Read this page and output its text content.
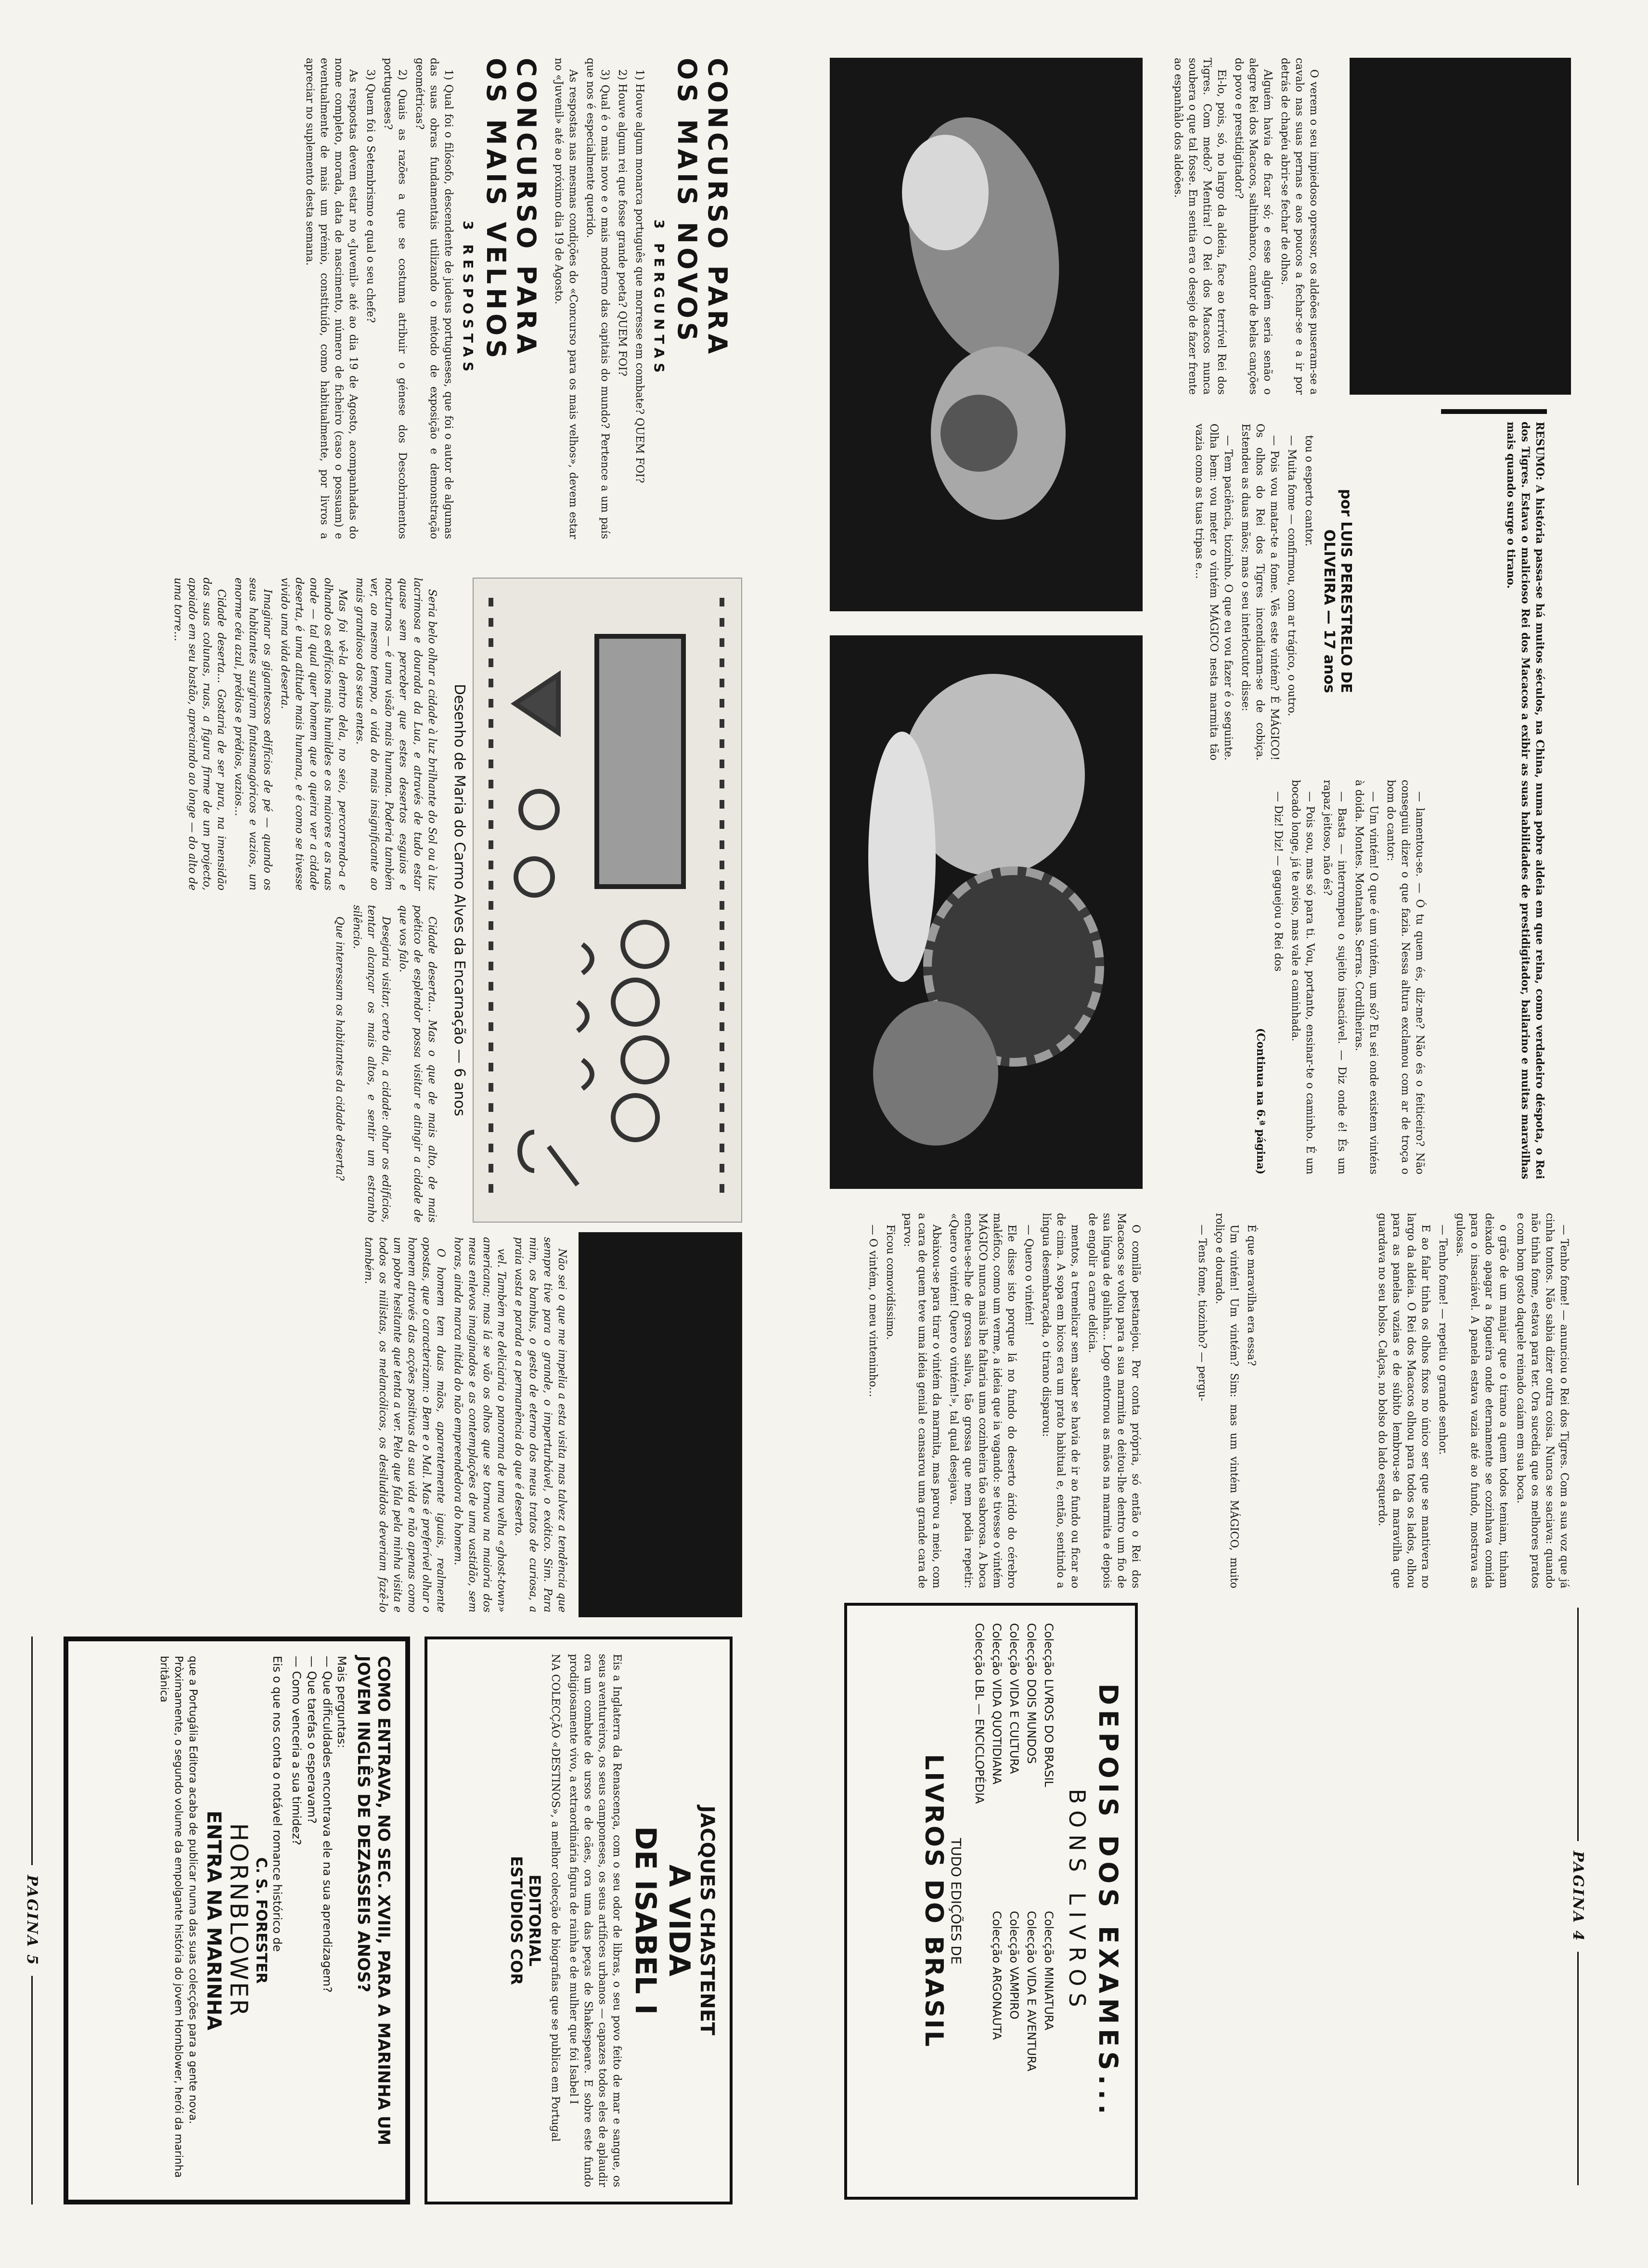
RESUMO: A história passa-se há muitos séculos, na China, numa pobre aldeia em que reina, como verdadeiro déspota, o Rei dos Tigres. Estava o malicioso Rei dos Macacos a exibir as suas habilidades de prestidigitador, bailarino e muitas maravilhas mais quando surge o tirano.
por LUIS PERESTRELO DE OLIVEIRA — 17 anos

O verem o seu impiedoso opressor, os aldeões puseram-se a cavalo nas suas pernas e aos poucos a fechar-se e a ir por detrás de chapéu abrir-se fechar de olhos.

Alguém havia de ficar só; e esse alguém seria senão o alegre Rei dos Macacos, saltimbanco, cantor de belas canções do povo e prestidigitador?

Ei-lo, pois, só, no largo da aldeia, face ao terrível Rei dos Tigres. Com medo? Mentira! O Rei dos Macacos nunca soubera o que tal fosse. Em sentia era o desejo de fazer frente ao espanhâlo dos aldeões.

tou o esperto cantor.

— Muita fome — confirmou, com ar trágico, o outro.

— Pois vou matar-te a fome. Vês este vintém? É MÁGICO! Os olhos do Rei dos Tigres incendiaram-se de cobiça. Estendeu as duas mãos; mas o seu interlocutor disse:

— Tem paciência, tiozinho. O que eu vou fazer é o seguinte. Olha bem: vou meter o vintém MÁGICO nesta marmita tão vazia como as tuas tripas e...

— lamentou-se. — Ó tu quem és, diz-me? Não és o feiticeiro? Não conseguiu dizer o que fazia. Nessa altura exclamou com ar de troça o bom do cantor:

— Um vintém! O que é um vintém, um só? Eu sei onde existem vinténs à doida. Montes. Montanhas. Serras. Cordilheiras.

— Basta — interrompeu o sujeito insaciável. — Diz onde é! És um rapaz jeitoso, não és?

— Pois sou, mas só para ti. Vou, portanto, ensinar-te o caminho. É um bocado longe, já te aviso, mas vale a caminhada.

— Diz! Diz! — gaguejou o Rei dos

(Continua na 6.ª página)

— Tenho fome! — anunciou o Rei dos Tigres. Com a sua voz que já cinha tontos. Não sabia dizer outra coisa. Nunca se saciava: quando não tinha fome, estava para ter. Ora sucedia que os melhores pratos e com bom gosto daquele reinado caíam em sua boca.

o grão de um manjar que o tirano a quem todos temiam, tinham deixado apagar a fogueira onde eternamente se cozinhava comida para o insaciável. A panela estava vazia até ao fundo, mostrava as gulosas.

— Tenho fome! — repetiu o grande senhor.

E ao falar tinha os olhos fixos no único ser que se mantivera no largo da aldeia. O Rei dos Macacos olhou para todos os lados, olhou para as panelas vazias e de súbito lembrou-se da maravilha que guardava no seu bolso. Calças, no bolso do lado esquerdo.

É que maravilha era essa?

Um vintém! Um vintém? Sim: mas um vintém MÁGICO, muito roliço e dourado.

— Tens fome, tiozinho? — pergu-

O comilão pestanejou. Por conta própria, só então o Rei dos Macacos se voltou para a sua marmita e deitou-lhe dentro um fio de sua língua de galinha... Logo entornou as mãos na marmita e depois de engolir a carne delícia.

mentos, a tremelicar sem saber se havia de ir ao fundo ou ficar ao de cima. A sopa em bicos era um prato habitual e, então, sentindo a língua desembaraçada, o tirano disparou:

— Quero o vintém!

Ele disse isto porque lá no fundo do deserto árido do cérebro maléfico, como um verme, a ideia que ia vagando: se tivesse o vintém MÁGICO nunca mais lhe faltaria uma cozinheira tão saborosa. A boca encheu-se-lhe de grossa saliva, tão grossa que nem podia repetir: «Quero o vintém! Quero o vintém!», tal qual desejava.

Abaixou-se para tirar o vintém da marmita, mas parou a meio, com a cara de quem teve uma ideia genial e cansarou uma grande cara de parvo:

Ficou comovidíssimo.

— O vintém, o meu vinteninho...

DEPOIS DOS EXAMES...
BONS LIVROS
Colecção LIVROS DO BRASIL
Colecção DOIS MUNDOS
Colecção VIDA E CULTURA
Colecção VIDA QUOTIDIANA
Colecção LBL — ENCICLOPÉDIA
Colecção MINIATURA
Colecção VIDA E AVENTURA
Colecção VAMPIRO
Colecção ARGONAUTA
TUDO EDIÇÕES DE
LIVROS DO BRASIL	PAGINA 4
CONCURSO PARA
OS MAIS NOVOS
3 PERGUNTAS

1) Houve algum monarca português que morresse em combate? QUEM FOI?

2) Houve algum rei que fosse grande poeta? QUEM FOI?

3) Qual é o mais novo e o mais moderno das capitais do mundo? Pertence a um país que nos é especialmente querido.

As respostas nas mesmas condições do «Concurso para os mais velhos», devem estar no «Juvenil» até ao próximo dia 19 de Agosto.

CONCURSO PARA
OS MAIS VELHOS
3 RESPOSTAS

1) Qual foi o filósofo, descendente de judeus portugueses, que foi o autor de algumas das suas obras fundamentais utilizando o método de exposição e demonstração geométricas?

2) Quais as razões a que se costuma atribuir o génese dos Descobrimentos portugueses?

3) Quem foi o Setembrismo e qual o seu chefe?

As respostas devem estar no «Juvenil» até ao dia 19 de Agosto, acompanhadas do nome completo, morada, data de nascimento, número de ficheiro (caso o possuam) e eventualmente de mais um prémio, constituído, como habitualmente, por livros a apreciar no suplemento desta semana.

Desenho de Maria do Carmo Alves da Encarnação — 6 anos

Seria belo olhar a cidade à luz brilhante do Sol ou à luz lacrimosa e dourada da Lua, e através de tudo estar quase sem perceber que estes desertos esguios e nocturnos — é uma visão mais humana. Poderia também ver, ao mesmo tempo, a vida do mais insignificante ao mais grandioso dos seus entes.

Mas foi vê-la dentro dela, no seio, percorrendo-a e olhando os edifícios mais humildes e os maiores e as ruas onde — tal qual quer homem que o queira ver a cidade deserta, é uma atitude mais humana, e é como se tivesse vivido uma vida deserta.

Imaginar os gigantescos edifícios de pé — quando os seus habitantes surgiram fantasmagóricos e vazios, um enorme céu azul, prédios e prédios, vazios...

Cidade deserta... Gostaria de ser pura, na imensidão das suas colunas, ruas, a figura firme de um projecto, apoiado em seu bastão, apreciando ao longe — do alto de uma torre...

Cidade deserta... Mas o que de mais alto, de mais poético de esplendor possa visitar e atingir a cidade de que vos falo.

Desejaria visitar, certo dia, a cidade: olhar os edifícios, tentar alcançar os mais altos, e sentir um estranho silêncio.

Que interessam os habitantes da cidade deserta?

Não sei o que me impelia a esta visita mas talvez a tendência que sempre tive para o grande, o imperturbável, o exótico. Sim. Para mim, os bambus, o gesto de eterno dos meus tratos de curiosa, a praia vasta e parada e a permanência do que é deserto.

vel. Também me deliciaria o panorama de uma velha «ghost-town» americana; mas lá se vão os olhos que se tornava na maioria dos meus enlevos imaginados e as contemplações de uma vastidão, sem horas, ainda marca nítida do não empreendedora do homem.

O homem tem duas mãos, aparentemente iguais, realmente opostas, que o caracterizam: o Bem e o Mal. Mas é preferível olhar o homem através das acções positivas da sua vida e não apenas como um pobre hesitante que tenta a ver. Pelo que fala pela minha visita e todos os niilistas, os melancólicos, os desiludidos deveriam fazê-lo também.

JACQUES CHASTENET
A VIDA
DE ISABEL I
Eis a Inglaterra da Renascença, com o seu odor de libras, o seu povo feito de mar e sangue, os seus aventureiros, os seus camponeses, os seus artífices urbanos — capazes todos eles de aplaudir ora um combate de ursos e de cães, ora uma das peças de Shakespeare. E sobre este fundo prodigiosamente vivo, a extraordinária figura de rainha e de mulher que foi Isabel I
NA COLECÇÃO «DESTINOS», a melhor colecção de biografias que se publica em Portugal
EDITORIAL
ESTÚDIOS COR
COMO ENTRAVA, NO SEC. XVIII, PARA A MARINHA UM JOVEM INGLÊS DE DEZASSEIS ANOS?
Mais perguntas:
— Que dificuldades encontrava ele na sua aprendizagem?
— Que tarefas o esperavam?
— Como venceria a sua timidez?
Eis o que nos conta o notável romance histórico de
C. S. FORESTER
HORNBLOWER
ENTRA NA MARINHA
que a Portugália Editora acaba de publicar numa das suas colecções para a gente nova.
Pròximamente, o segundo volume da empolgante história do jovem Hornblower, herói da marinha britânica
PAGINA 5
